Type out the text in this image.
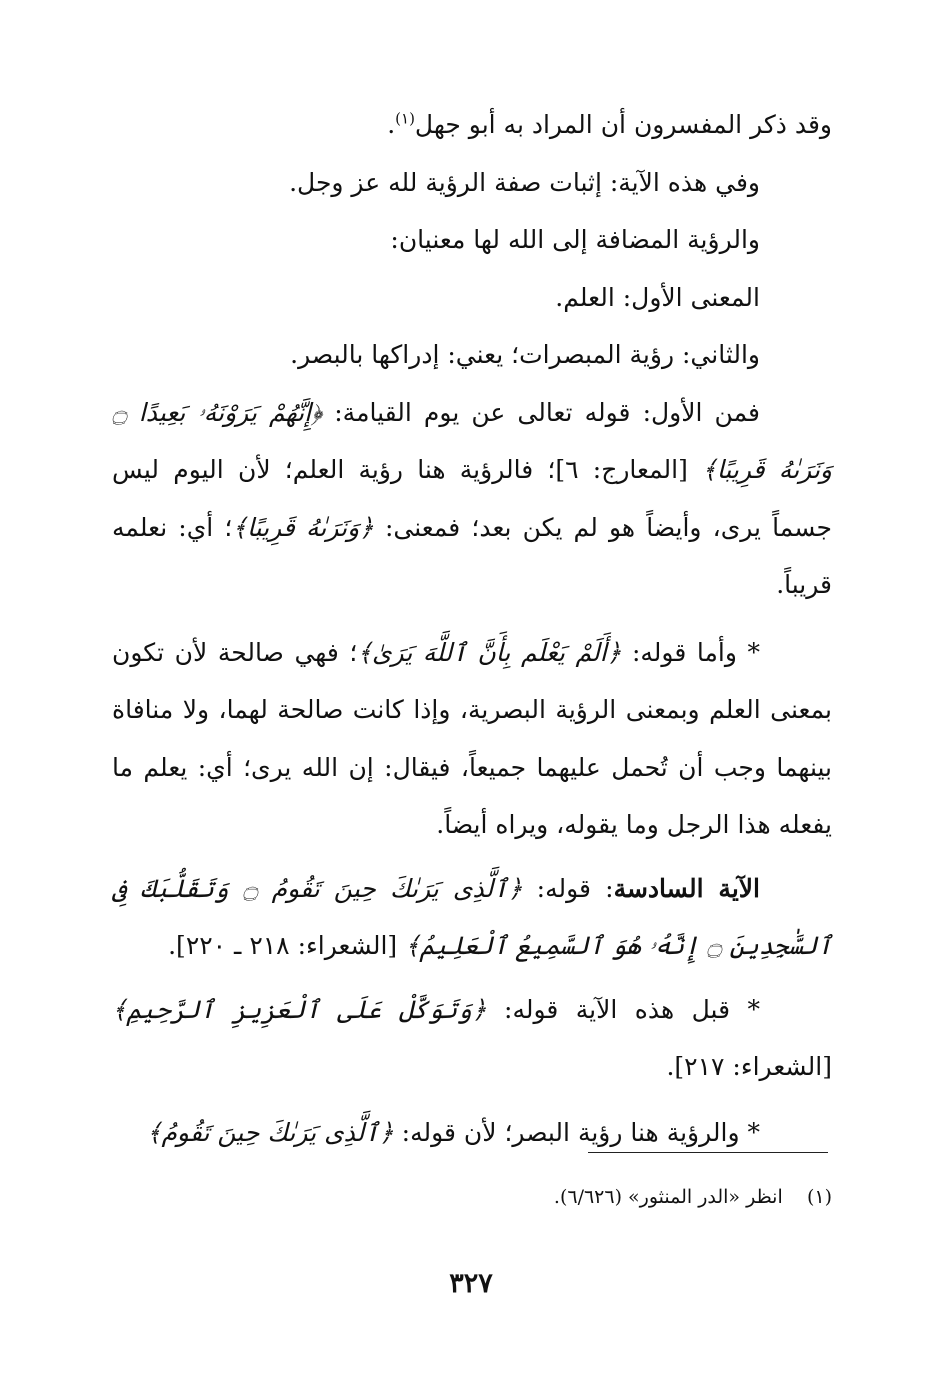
وقد ذكر المفسرون أن المراد به أبو جهل$^{(١)}$.

وفي هذه الآية: إثبات صفة الرؤية لله عز وجل.

والرؤية المضافة إلى الله لها معنيان:

المعنى الأول: العلم.

والثاني: رؤية المبصرات؛ يعني: إدراكها بالبصر.

فمن الأول: قوله تعالى عن يوم القيامة: ﴿إِنَّهُمْ يَرَوْنَهُۥ بَعِيدًا ۝ وَنَرَىٰهُ قَرِيبًا﴾ [المعارج: ٦]؛ فالرؤية هنا رؤية العلم؛ لأن اليوم ليس جسماً يرى، وأيضاً هو لم يكن بعد؛ فمعنى: ﴿وَنَرَىٰهُ قَرِيبًا﴾؛ أي: نعلمه قريباً.

* وأما قوله: ﴿أَلَمْ يَعْلَم بِأَنَّ ٱللَّهَ يَرَىٰ﴾؛ فهي صالحة لأن تكون بمعنى العلم وبمعنى الرؤية البصرية، وإذا كانت صالحة لهما، ولا منافاة بينهما وجب أن تُحمل عليهما جميعاً، فيقال: إن الله يرى؛ أي: يعلم ما يفعله هذا الرجل وما يقوله، ويراه أيضاً.

الآية السادسة: قوله: ﴿ٱلَّذِى يَرَىٰكَ حِينَ تَقُومُ ۝ وَتَقَلُّبَكَ فِى ٱلسَّٰجِدِينَ ۝ إِنَّهُۥ هُوَ ٱلسَّمِيعُ ٱلْعَلِيمُ﴾ [الشعراء: ٢١٨ ـ ٢٢٠].

* قبل هذه الآية قوله: ﴿وَتَوَكَّلْ عَلَى ٱلْعَزِيزِ ٱلرَّحِيمِ﴾ [الشعراء: ٢١٧].

* والرؤية هنا رؤية البصر؛ لأن قوله: ﴿ٱلَّذِى يَرَىٰكَ حِينَ تَقُومُ﴾

(١)    انظر «الدر المنثور» (٦/٦٢٦).
٣٢٧
